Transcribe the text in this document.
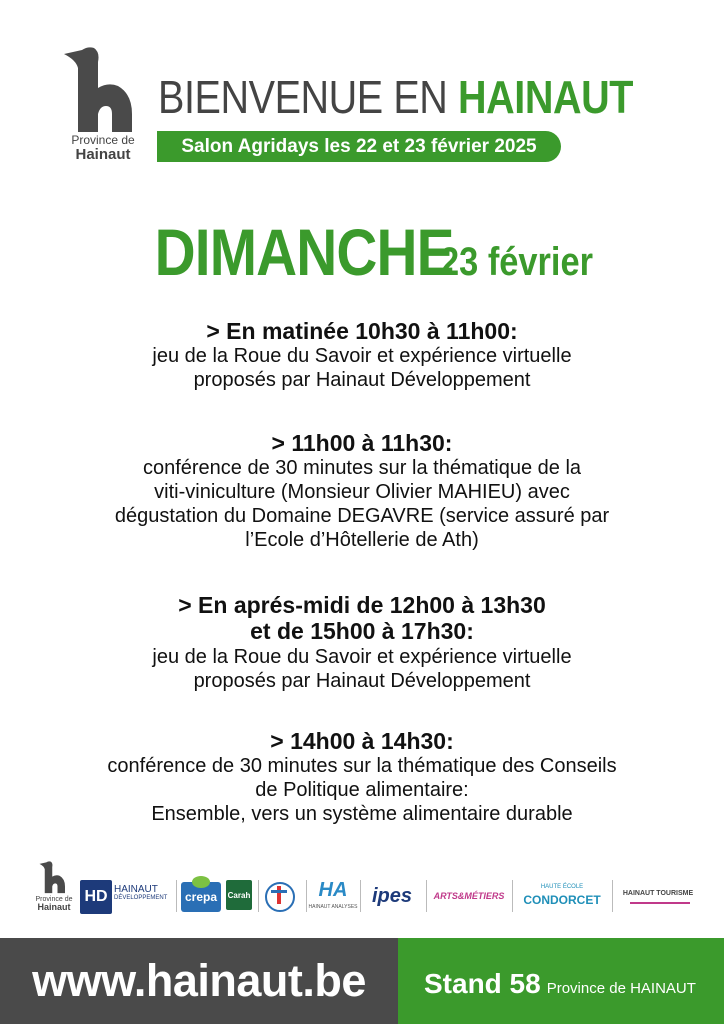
Province de
Hainaut
BIENVENUE EN HAINAUT
Salon Agridays les 22 et 23 février 2025
DIMANCHE 23 février
> En matinée 10h30 à 11h00:

jeu de la Roue du Savoir et expérience virtuelle

proposés par Hainaut Développement

> 11h00 à 11h30:

conférence de 30 minutes sur la thématique de la

viti-viniculture (Monsieur Olivier MAHIEU) avec

dégustation du Domaine DEGAVRE (service assuré par

l’Ecole d’Hôtellerie de Ath)

> En aprés-midi de 12h00 à 13h30
et de 15h00 à 17h30:

jeu de la Roue du Savoir et expérience virtuelle

proposés par Hainaut Développement

> 14h00 à 14h30:

conférence de 30 minutes sur la thématique des Conseils

de Politique alimentaire:

Ensemble, vers un système alimentaire durable

Province de
Hainaut
HD HAINAUT
DÉVELOPPEMENT	crepa	Carah	HA
HAINAUT ANALYSES
ipes	ARTS&MÉTIERS
HAUTE ÉCOLE
CONDORCET	HAINAUT TOURISME
www.hainaut.be	Stand 58 Province de HAINAUT
